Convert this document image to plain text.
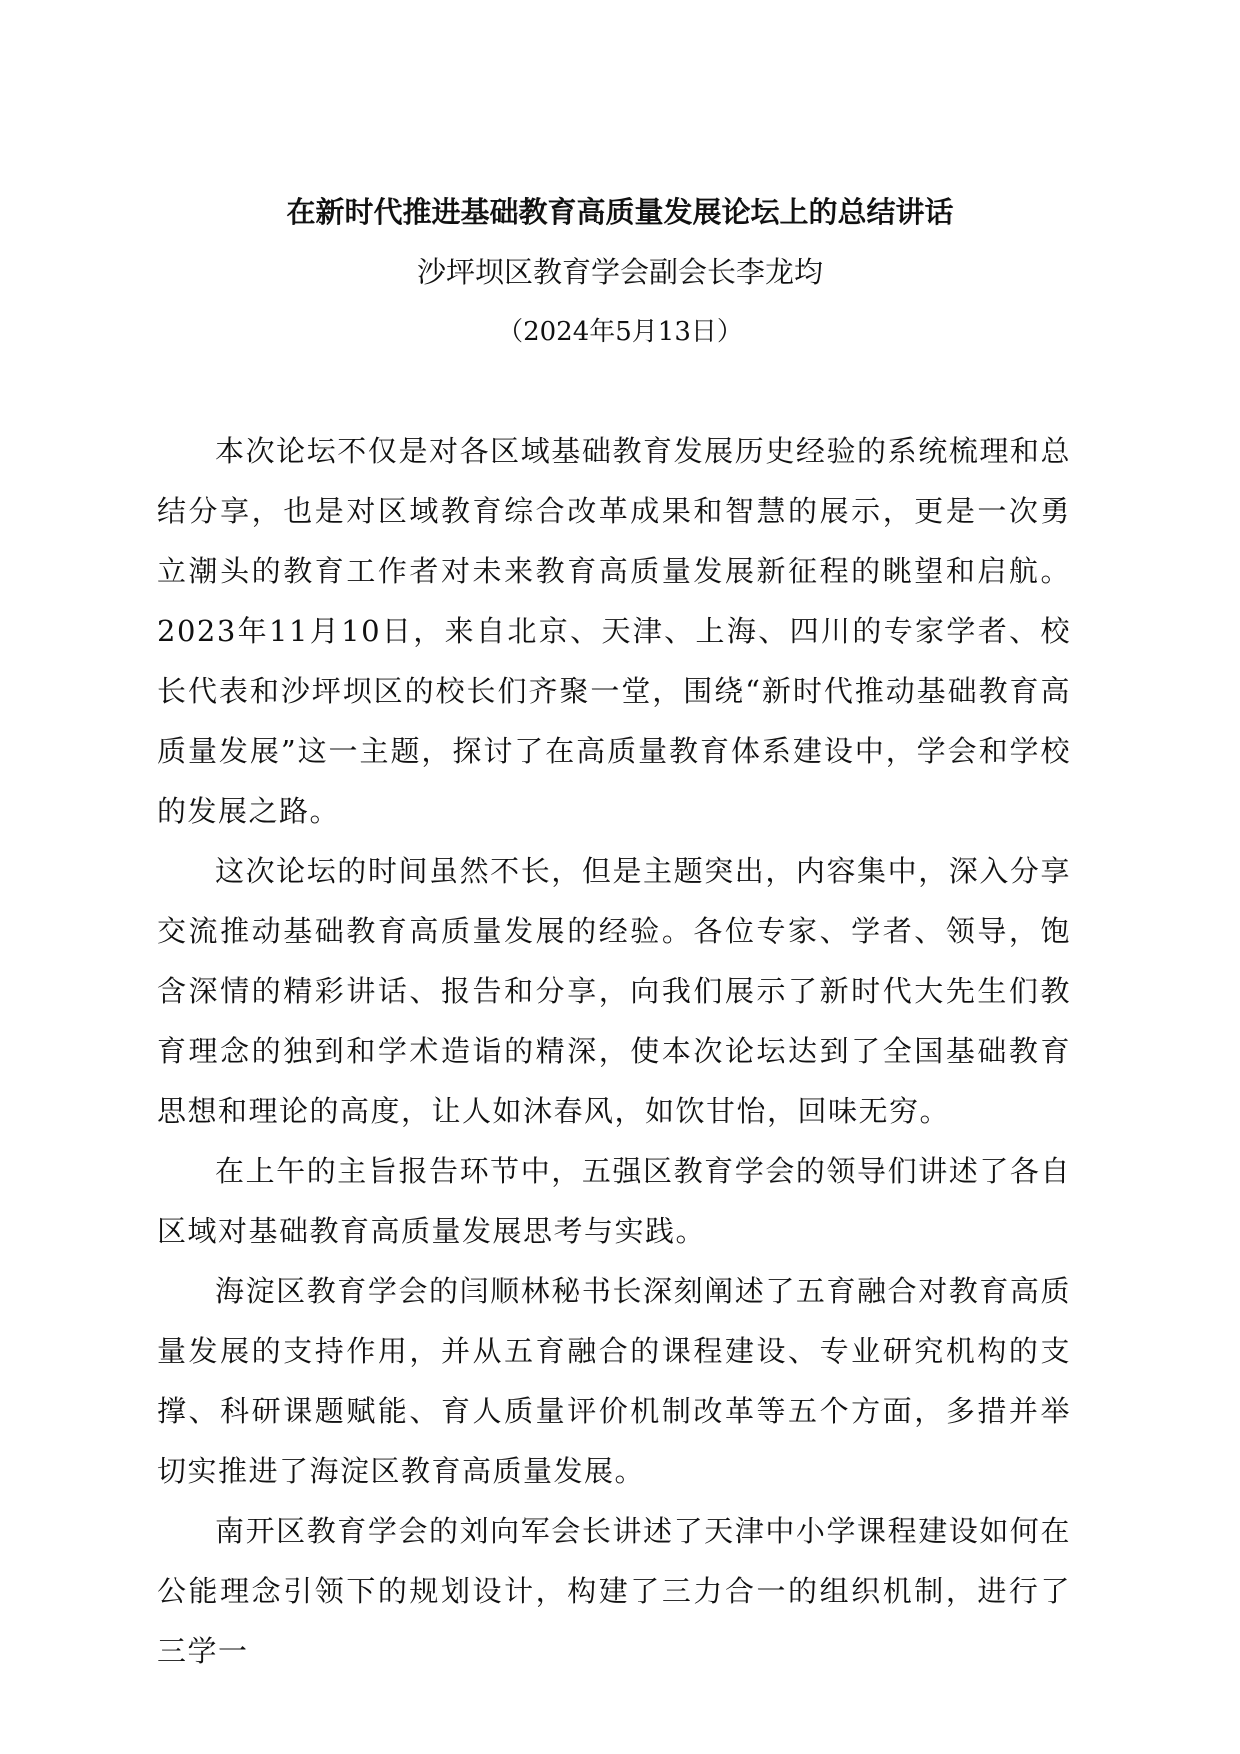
在新时代推进基础教育高质量发展论坛上的总结讲话
沙坪坝区教育学会副会长李龙均
（2024年5月13日）

本次论坛不仅是对各区域基础教育发展历史经验的系统梳理和总结分享，也是对区域教育综合改革成果和智慧的展示，更是一次勇立潮头的教育工作者对未来教育高质量发展新征程的眺望和启航。2023年11月10日，来自北京、天津、上海、四川的专家学者、校长代表和沙坪坝区的校长们齐聚一堂，围绕“新时代推动基础教育高质量发展”这一主题，探讨了在高质量教育体系建设中，学会和学校的发展之路。

这次论坛的时间虽然不长，但是主题突出，内容集中，深入分享交流推动基础教育高质量发展的经验。各位专家、学者、领导，饱含深情的精彩讲话、报告和分享，向我们展示了新时代大先生们教育理念的独到和学术造诣的精深，使本次论坛达到了全国基础教育思想和理论的高度，让人如沐春风，如饮甘怡，回味无穷。

在上午的主旨报告环节中，五强区教育学会的领导们讲述了各自区域对基础教育高质量发展思考与实践。

海淀区教育学会的闫顺林秘书长深刻阐述了五育融合对教育高质量发展的支持作用，并从五育融合的课程建设、专业研究机构的支撑、科研课题赋能、育人质量评价机制改革等五个方面，多措并举切实推进了海淀区教育高质量发展。

南开区教育学会的刘向军会长讲述了天津中小学课程建设如何在公能理念引领下的规划设计，构建了三力合一的组织机制，进行了三学一
